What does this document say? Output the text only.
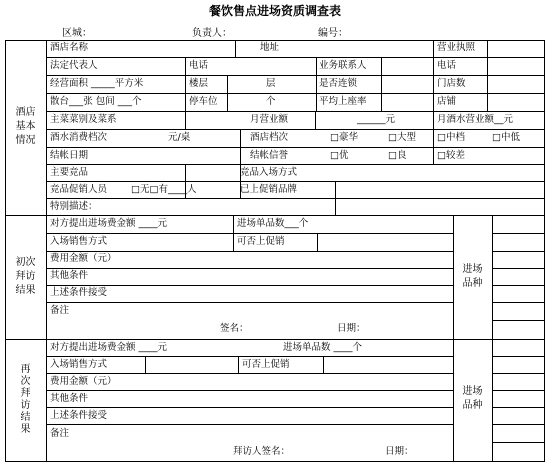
餐饮售点进场资质调查表
区城：	负责人：	编号：
酒店
基本
情况
初次
拜访
结果
再
次
拜
访
结
果
酒店名称	地址	营业执照
法定代表人	电话	业务联系人	电话
经营面积 _____平方米	楼层	层	是否连锁	门店数
散台___张 包间 ___个	停车位	个	平均上座率	店铺
主菜菜别及菜系	月营业额	______元	月酒水营业额__元
酒水消费档次	元/桌	酒店档次	□豪华	□大型 □中档	□中低
结帐日期	结帐信誉	□优	□良	□较差
主要竞品	竞品入场方式
竞品促销人员	□无□有____人	已上促销品牌
特别描述：
对方提出进场费金额 ____元	进场单品数___个
入场销售方式	可否上促销
费用金额（元）
其他条件
上述条件接受
备注
签名：	日期：
进场
品种
对方提出进场费金额 ____元	进场单品数 ____个
入场销售方式	可否上促销
费用金额（元）
其他条件
上述条件接受
备注
拜访人签名：	日期：
进场
品种
